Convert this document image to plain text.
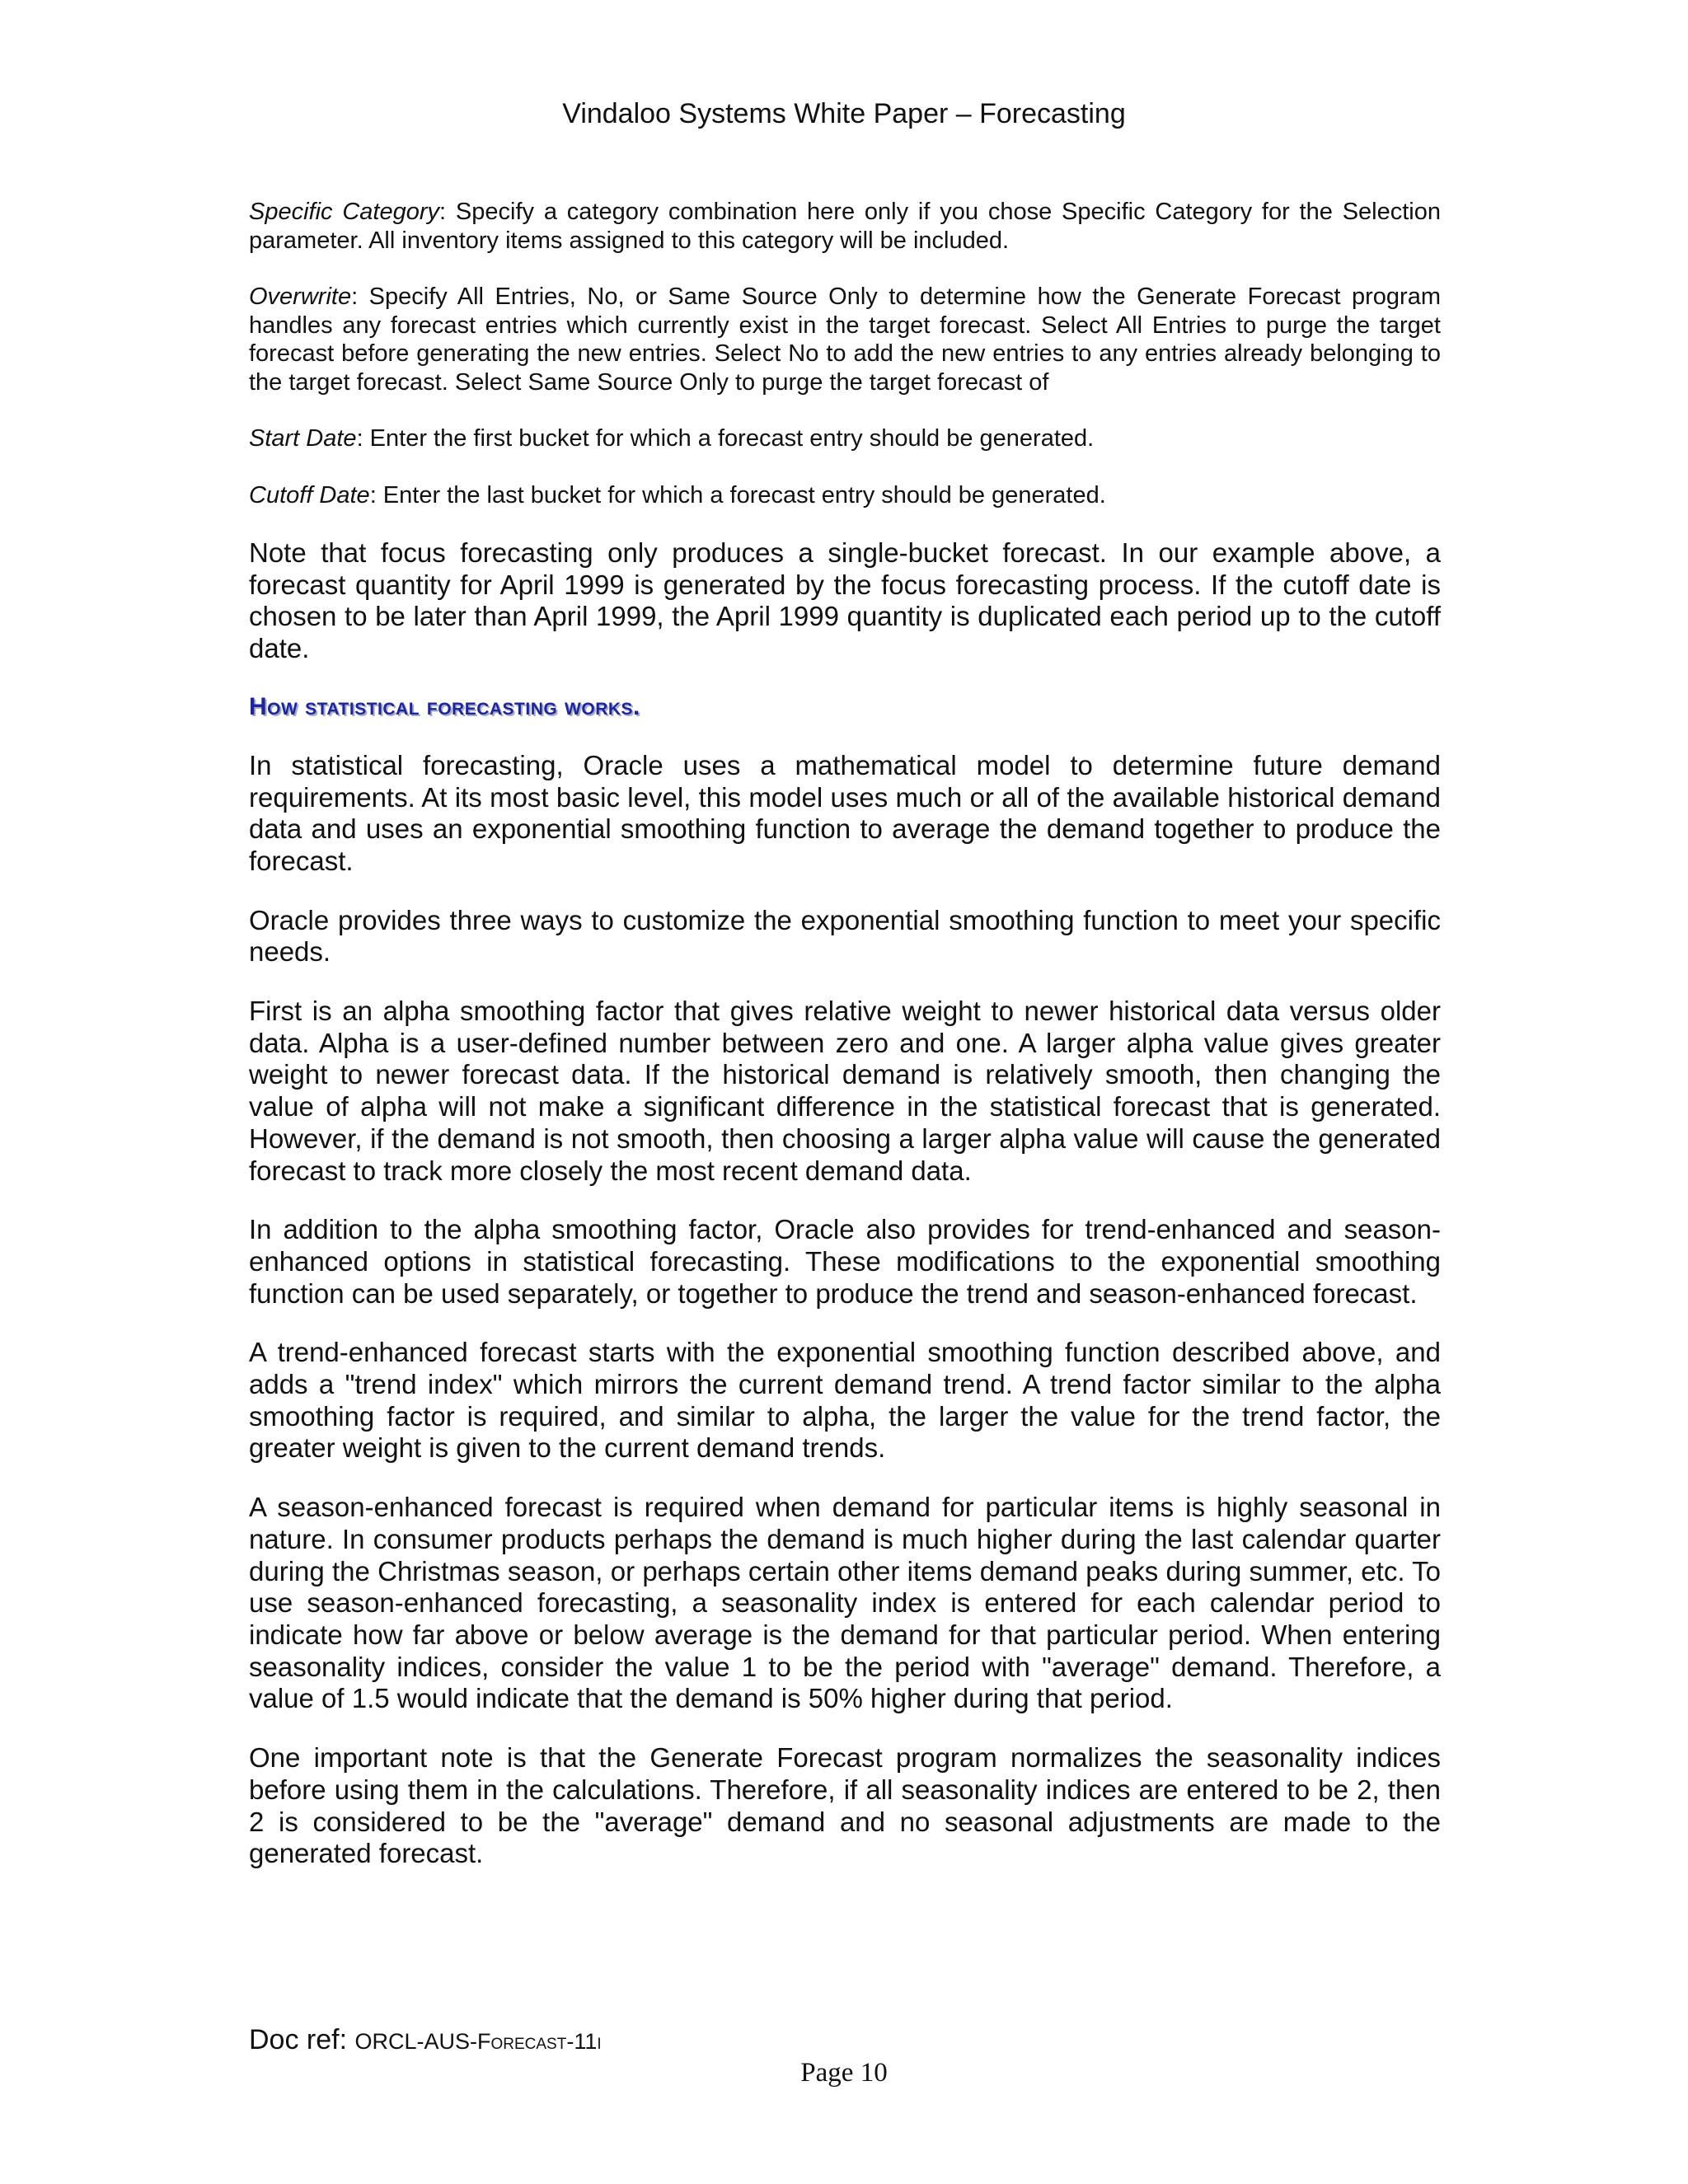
Vindaloo Systems White Paper – Forecasting

Specific Category: Specify a category combination here only if you chose Specific Category for the Selection parameter. All inventory items assigned to this category will be included.

Overwrite: Specify All Entries, No, or Same Source Only to determine how the Generate Forecast program handles any forecast entries which currently exist in the target forecast. Select All Entries to purge the target forecast before generating the new entries. Select No to add the new entries to any entries already belonging to the target forecast. Select Same Source Only to purge the target forecast of

Start Date: Enter the first bucket for which a forecast entry should be generated.

Cutoff Date: Enter the last bucket for which a forecast entry should be generated.

Note that focus forecasting only produces a single-bucket forecast. In our example above, a forecast quantity for April 1999 is generated by the focus forecasting process. If the cutoff date is chosen to be later than April 1999, the April 1999 quantity is duplicated each period up to the cutoff date.

How statistical forecasting works.

In statistical forecasting, Oracle uses a mathematical model to determine future demand requirements. At its most basic level, this model uses much or all of the available historical demand data and uses an exponential smoothing function to average the demand together to produce the forecast.

Oracle provides three ways to customize the exponential smoothing function to meet your specific needs.

First is an alpha smoothing factor that gives relative weight to newer historical data versus older data. Alpha is a user-defined number between zero and one. A larger alpha value gives greater weight to newer forecast data. If the historical demand is relatively smooth, then changing the value of alpha will not make a significant difference in the statistical forecast that is generated. However, if the demand is not smooth, then choosing a larger alpha value will cause the generated forecast to track more closely the most recent demand data.

In addition to the alpha smoothing factor, Oracle also provides for trend-enhanced and season-enhanced options in statistical forecasting. These modifications to the exponential smoothing function can be used separately, or together to produce the trend and season-enhanced forecast.

A trend-enhanced forecast starts with the exponential smoothing function described above, and adds a "trend index" which mirrors the current demand trend. A trend factor similar to the alpha smoothing factor is required, and similar to alpha, the larger the value for the trend factor, the greater weight is given to the current demand trends.

A season-enhanced forecast is required when demand for particular items is highly seasonal in nature. In consumer products perhaps the demand is much higher during the last calendar quarter during the Christmas season, or perhaps certain other items demand peaks during summer, etc. To use season-enhanced forecasting, a seasonality index is entered for each calendar period to indicate how far above or below average is the demand for that particular period. When entering seasonality indices, consider the value 1 to be the period with "average" demand. Therefore, a value of 1.5 would indicate that the demand is 50% higher during that period.

One important note is that the Generate Forecast program normalizes the seasonality indices before using them in the calculations. Therefore, if all seasonality indices are entered to be 2, then 2 is considered to be the "average" demand and no seasonal adjustments are made to the generated forecast.

Doc ref: ORCL-AUS-Forecast-11i
Page 10
